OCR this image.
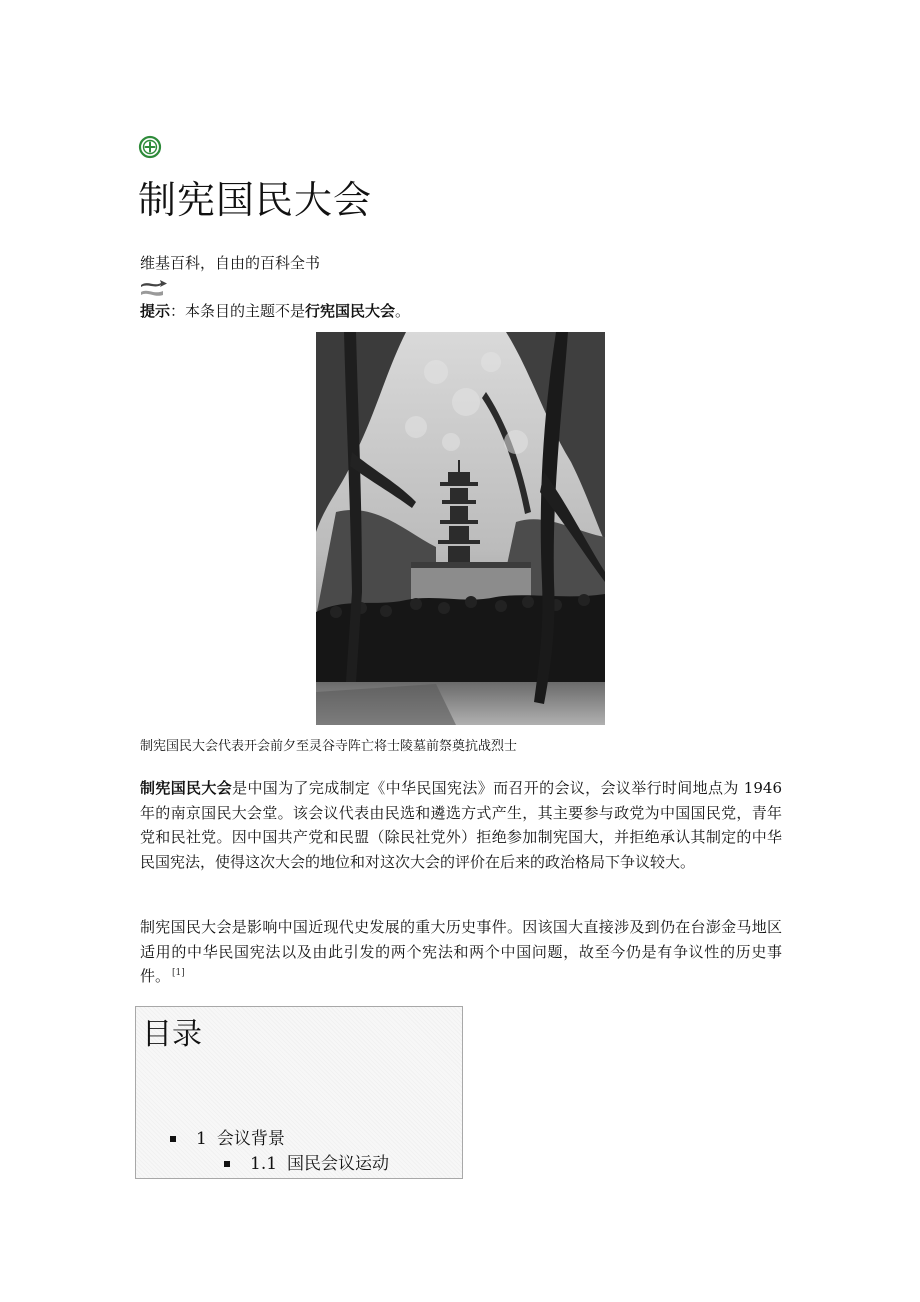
制宪国民大会
维基百科，自由的百科全书
提示：本条目的主题不是行宪国民大会。
制宪国民大会代表开会前夕至灵谷寺阵亡将士陵墓前祭奠抗战烈士

制宪国民大会是中国为了完成制定《中华民国宪法》而召开的会议，会议举行时间地点为 1946 年的南京国民大会堂。该会议代表由民选和遴选方式产生，其主要参与政党为中国国民党，青年党和民社党。因中国共产党和民盟（除民社党外）拒绝参加制宪国大，并拒绝承认其制定的中华民国宪法，使得这次大会的地位和对这次大会的评价在后来的政治格局下争议较大。

制宪国民大会是影响中国近现代史发展的重大历史事件。因该国大直接涉及到仍在台澎金马地区适用的中华民国宪法以及由此引发的两个宪法和两个中国问题，故至今仍是有争议性的历史事件。 [1]

目录
1 会议背景
1.1 国民会议运动
